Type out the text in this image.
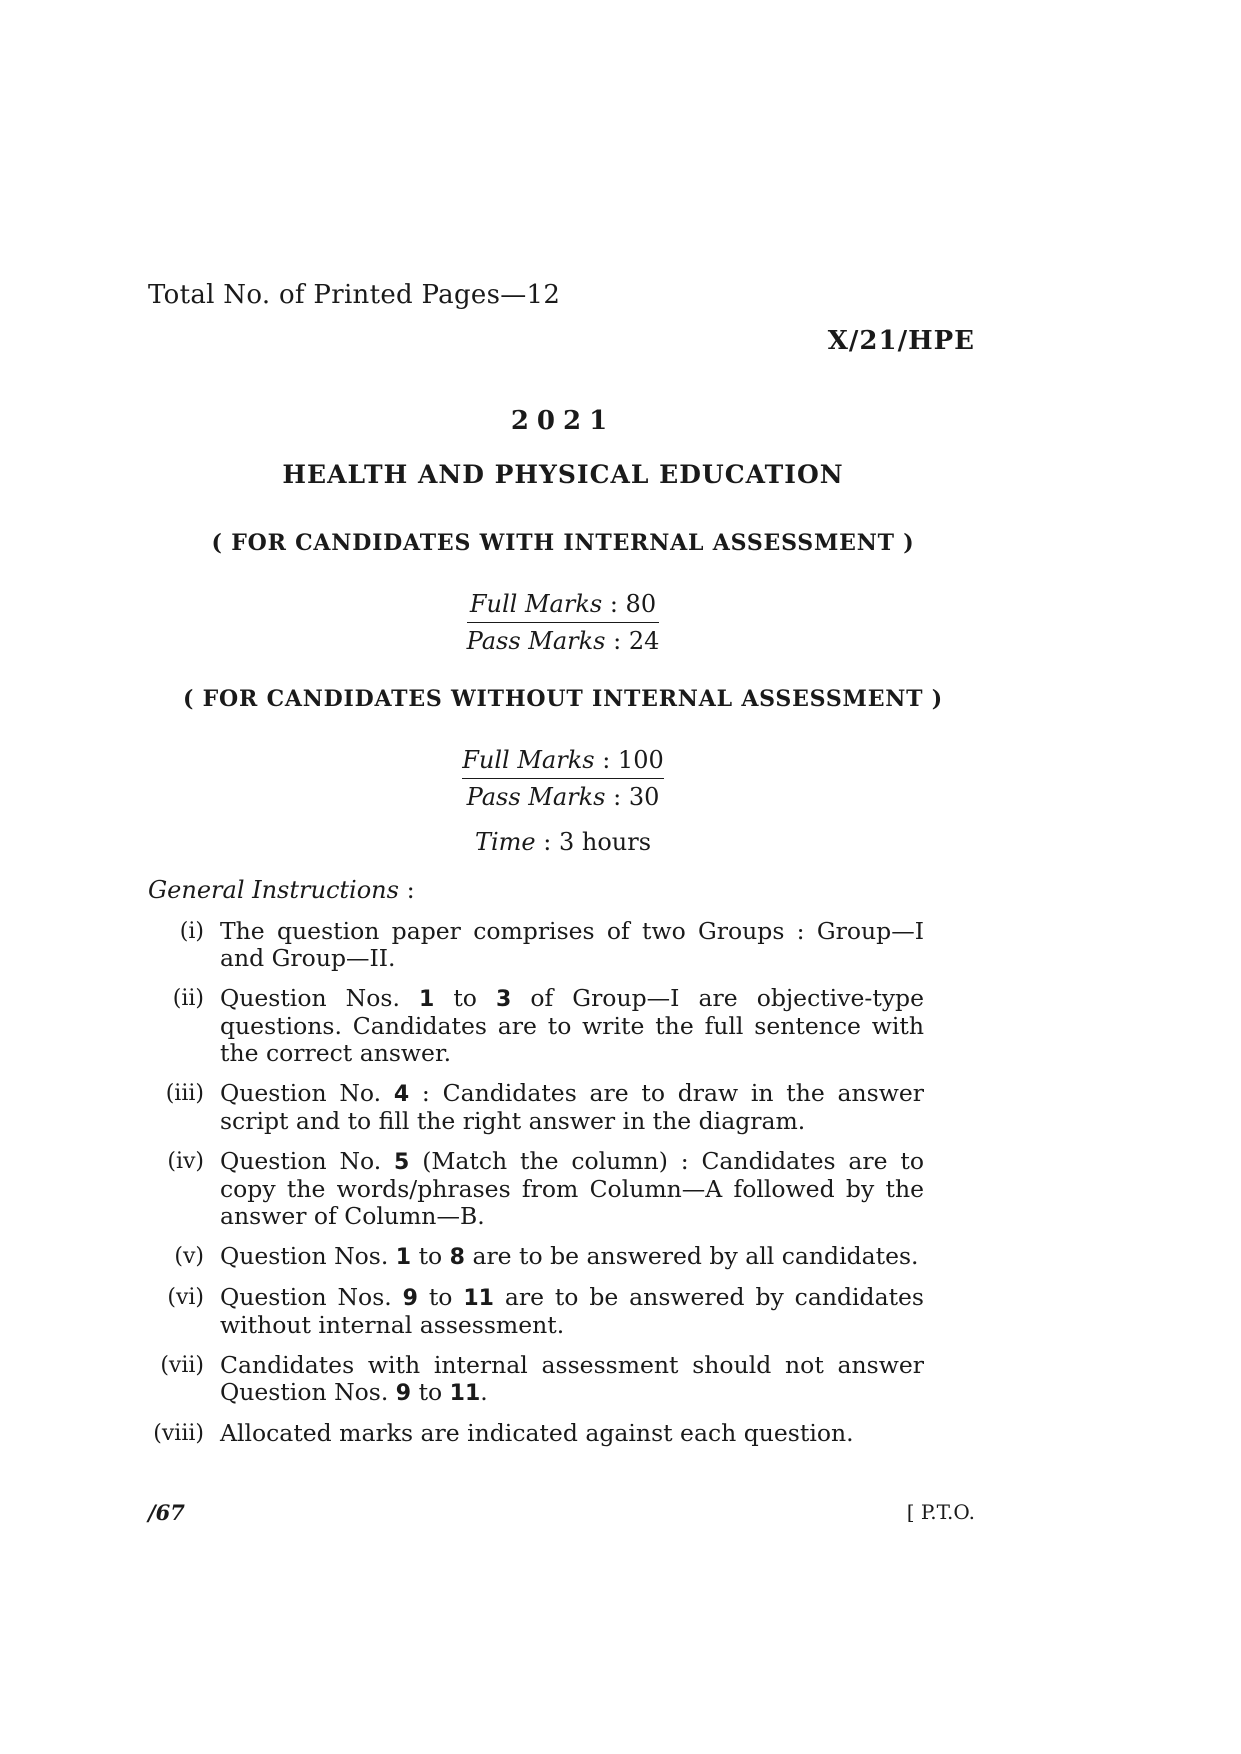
Total No. of Printed Pages—12
X/21/HPE
2021
HEALTH AND PHYSICAL EDUCATION
( FOR CANDIDATES WITH INTERNAL ASSESSMENT )
Full Marks : 80
Pass Marks : 24
( FOR CANDIDATES WITHOUT INTERNAL ASSESSMENT )
Full Marks : 100
Pass Marks : 30
Time : 3 hours
General Instructions :
(i) The question paper comprises of two Groups : Group—I and Group—II.
(ii) Question Nos. 1 to 3 of Group—I are objective-type questions. Candidates are to write the full sentence with the correct answer.
(iii) Question No. 4 : Candidates are to draw in the answer script and to fill the right answer in the diagram.
(iv) Question No. 5 (Match the column) : Candidates are to copy the words/phrases from Column—A followed by the answer of Column—B.
(v) Question Nos. 1 to 8 are to be answered by all candidates.
(vi) Question Nos. 9 to 11 are to be answered by candidates without internal assessment.
(vii) Candidates with internal assessment should not answer Question Nos. 9 to 11.
(viii) Allocated marks are indicated against each question.
/67	[ P.T.O.
